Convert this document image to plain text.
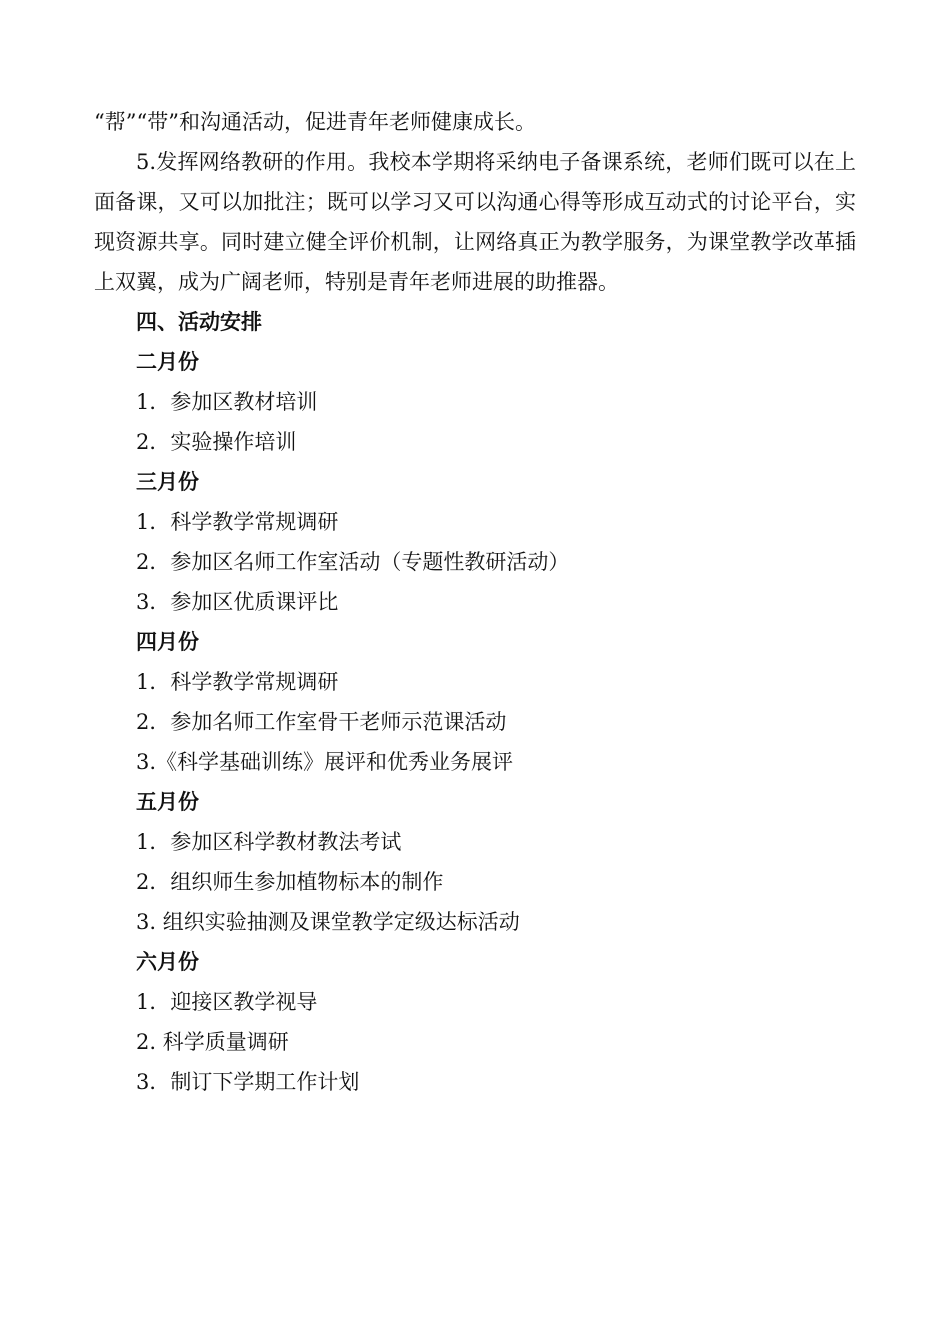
“帮”“带”和沟通活动，促进青年老师健康成长。

5.发挥网络教研的作用。我校本学期将采纳电子备课系统，老师们既可以在上面备课，又可以加批注；既可以学习又可以沟通心得等形成互动式的讨论平台，实现资源共享。同时建立健全评价机制，让网络真正为教学服务，为课堂教学改革插上双翼，成为广阔老师，特别是青年老师进展的助推器。

四、活动安排
二月份
1．参加区教材培训
2．实验操作培训
三月份
1．科学教学常规调研
2．参加区名师工作室活动（专题性教研活动）
3．参加区优质课评比
四月份
1．科学教学常规调研
2．参加名师工作室骨干老师示范课活动
3.《科学基础训练》展评和优秀业务展评
五月份
1．参加区科学教材教法考试
2．组织师生参加植物标本的制作
3. 组织实验抽测及课堂教学定级达标活动
六月份
1．迎接区教学视导
2. 科学质量调研
3．制订下学期工作计划
